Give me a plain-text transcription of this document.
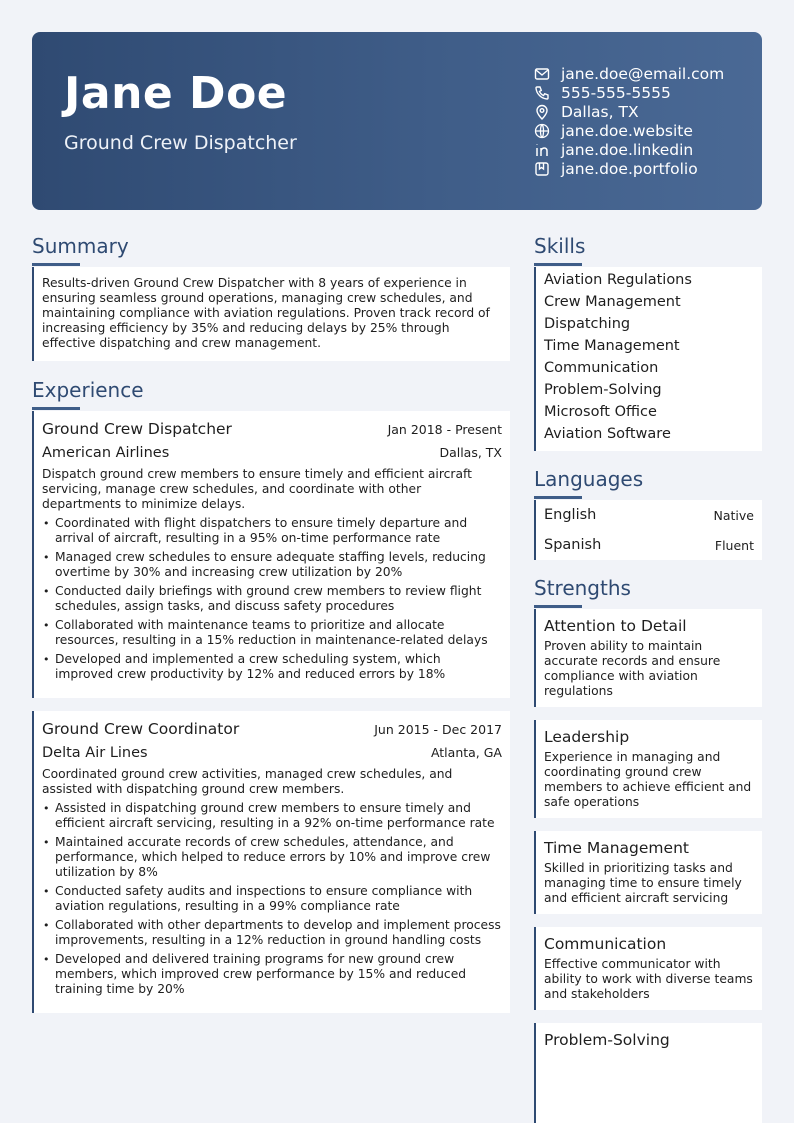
Jane Doe
Ground Crew Dispatcher
jane.doe@email.com
555-555-5555
Dallas, TX
jane.doe.website
jane.doe.linkedin
jane.doe.portfolio
Summary
Results-driven Ground Crew Dispatcher with 8 years of experience in ensuring seamless ground operations, managing crew schedules, and maintaining compliance with aviation regulations. Proven track record of increasing efficiency by 35% and reducing delays by 25% through effective dispatching and crew management.
Experience
Ground Crew Dispatcher	Jan 2018 - Present
American Airlines	Dallas, TX
Dispatch ground crew members to ensure timely and efficient aircraft servicing, manage crew schedules, and coordinate with other departments to minimize delays.
• Coordinated with flight dispatchers to ensure timely departure and arrival of aircraft, resulting in a 95% on-time performance rate
• Managed crew schedules to ensure adequate staffing levels, reducing overtime by 30% and increasing crew utilization by 20%
• Conducted daily briefings with ground crew members to review flight schedules, assign tasks, and discuss safety procedures
• Collaborated with maintenance teams to prioritize and allocate resources, resulting in a 15% reduction in maintenance-related delays
• Developed and implemented a crew scheduling system, which improved crew productivity by 12% and reduced errors by 18%
Ground Crew Coordinator	Jun 2015 - Dec 2017
Delta Air Lines	Atlanta, GA
Coordinated ground crew activities, managed crew schedules, and assisted with dispatching ground crew members.
• Assisted in dispatching ground crew members to ensure timely and efficient aircraft servicing, resulting in a 92% on-time performance rate
• Maintained accurate records of crew schedules, attendance, and performance, which helped to reduce errors by 10% and improve crew utilization by 8%
• Conducted safety audits and inspections to ensure compliance with aviation regulations, resulting in a 99% compliance rate
• Collaborated with other departments to develop and implement process improvements, resulting in a 12% reduction in ground handling costs
• Developed and delivered training programs for new ground crew members, which improved crew performance by 15% and reduced training time by 20%
Skills
Aviation Regulations
Crew Management
Dispatching
Time Management
Communication
Problem-Solving
Microsoft Office
Aviation Software
Languages
English	Native
Spanish	Fluent
Strengths
Attention to Detail
Proven ability to maintain accurate records and ensure compliance with aviation regulations
Leadership
Experience in managing and coordinating ground crew members to achieve efficient and safe operations
Time Management
Skilled in prioritizing tasks and managing time to ensure timely and efficient aircraft servicing
Communication
Effective communicator with ability to work with diverse teams and stakeholders
Problem-Solving
